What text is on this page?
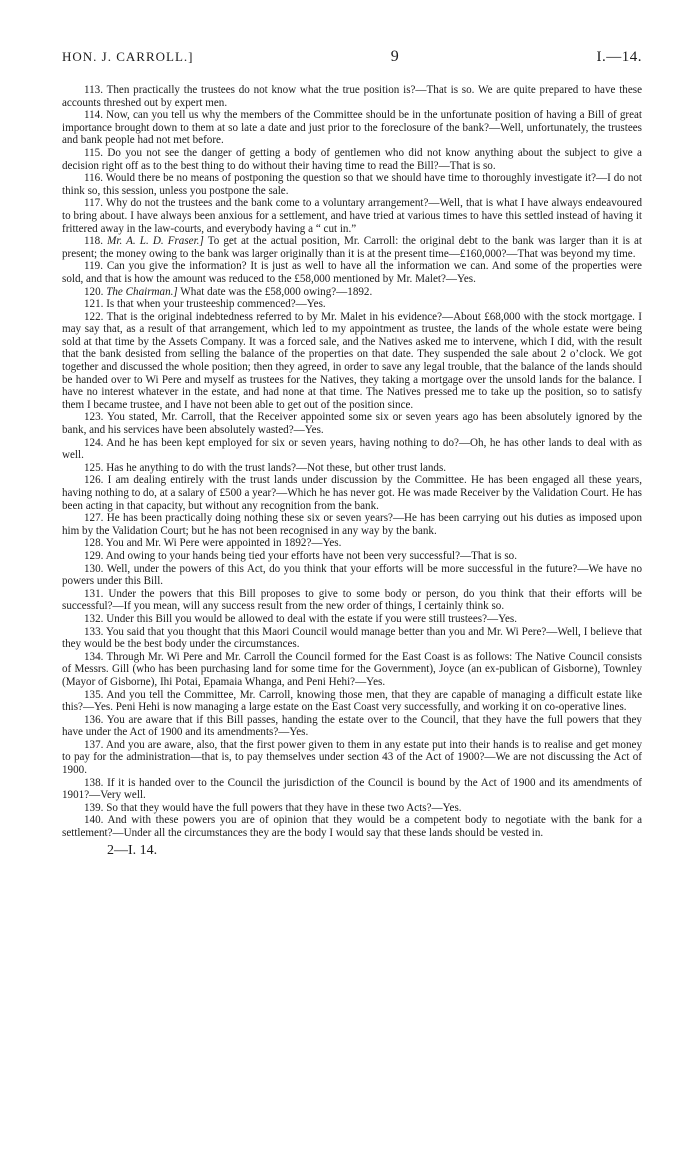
HON. J. CARROLL.]	9	I.—14.

113. Then practically the trustees do not know what the true position is?—That is so. We are quite prepared to have these accounts threshed out by expert men.

114. Now, can you tell us why the members of the Committee should be in the unfortunate position of having a Bill of great importance brought down to them at so late a date and just prior to the foreclosure of the bank?—Well, unfortunately, the trustees and bank people had not met before.

115. Do you not see the danger of getting a body of gentlemen who did not know anything about the subject to give a decision right off as to the best thing to do without their having time to read the Bill?—That is so.

116. Would there be no means of postponing the question so that we should have time to thoroughly investigate it?—I do not think so, this session, unless you postpone the sale.

117. Why do not the trustees and the bank come to a voluntary arrangement?—Well, that is what I have always endeavoured to bring about. I have always been anxious for a settlement, and have tried at various times to have this settled instead of having it frittered away in the law-courts, and everybody having a “ cut in.”

118. Mr. A. L. D. Fraser.] To get at the actual position, Mr. Carroll: the original debt to the bank was larger than it is at present; the money owing to the bank was larger originally than it is at the present time—£160,000?—That was beyond my time.

119. Can you give the information? It is just as well to have all the information we can. And some of the properties were sold, and that is how the amount was reduced to the £58,000 mentioned by Mr. Malet?—Yes.

120. The Chairman.] What date was the £58,000 owing?—1892.

121. Is that when your trusteeship commenced?—Yes.

122. That is the original indebtedness referred to by Mr. Malet in his evidence?—About £68,000 with the stock mortgage. I may say that, as a result of that arrangement, which led to my appointment as trustee, the lands of the whole estate were being sold at that time by the Assets Company. It was a forced sale, and the Natives asked me to intervene, which I did, with the result that the bank desisted from selling the balance of the properties on that date. They suspended the sale about 2 o’clock. We got together and discussed the whole position; then they agreed, in order to save any legal trouble, that the balance of the lands should be handed over to Wi Pere and myself as trustees for the Natives, they taking a mortgage over the unsold lands for the balance. I have no interest whatever in the estate, and had none at that time. The Natives pressed me to take up the position, so to satisfy them I became trustee, and I have not been able to get out of the position since.

123. You stated, Mr. Carroll, that the Receiver appointed some six or seven years ago has been absolutely ignored by the bank, and his services have been absolutely wasted?—Yes.

124. And he has been kept employed for six or seven years, having nothing to do?—Oh, he has other lands to deal with as well.

125. Has he anything to do with the trust lands?—Not these, but other trust lands.

126. I am dealing entirely with the trust lands under discussion by the Committee. He has been engaged all these years, having nothing to do, at a salary of £500 a year?—Which he has never got. He was made Receiver by the Validation Court. He has been acting in that capacity, but without any recognition from the bank.

127. He has been practically doing nothing these six or seven years?—He has been carrying out his duties as imposed upon him by the Validation Court; but he has not been recognised in any way by the bank.

128. You and Mr. Wi Pere were appointed in 1892?—Yes.

129. And owing to your hands being tied your efforts have not been very successful?—That is so.

130. Well, under the powers of this Act, do you think that your efforts will be more successful in the future?—We have no powers under this Bill.

131. Under the powers that this Bill proposes to give to some body or person, do you think that their efforts will be successful?—If you mean, will any success result from the new order of things, I certainly think so.

132. Under this Bill you would be allowed to deal with the estate if you were still trustees?—Yes.

133. You said that you thought that this Maori Council would manage better than you and Mr. Wi Pere?—Well, I believe that they would be the best body under the circumstances.

134. Through Mr. Wi Pere and Mr. Carroll the Council formed for the East Coast is as follows: The Native Council consists of Messrs. Gill (who has been purchasing land for some time for the Government), Joyce (an ex-publican of Gisborne), Townley (Mayor of Gisborne), Ihi Potai, Epamaia Whanga, and Peni Hehi?—Yes.

135. And you tell the Committee, Mr. Carroll, knowing those men, that they are capable of managing a difficult estate like this?—Yes. Peni Hehi is now managing a large estate on the East Coast very successfully, and working it on co-operative lines.

136. You are aware that if this Bill passes, handing the estate over to the Council, that they have the full powers that they have under the Act of 1900 and its amendments?—Yes.

137. And you are aware, also, that the first power given to them in any estate put into their hands is to realise and get money to pay for the administration—that is, to pay themselves under section 43 of the Act of 1900?—We are not discussing the Act of 1900.

138. If it is handed over to the Council the jurisdiction of the Council is bound by the Act of 1900 and its amendments of 1901?—Very well.

139. So that they would have the full powers that they have in these two Acts?—Yes.

140. And with these powers you are of opinion that they would be a competent body to negotiate with the bank for a settlement?—Under all the circumstances they are the body I would say that these lands should be vested in.

2—I. 14.
